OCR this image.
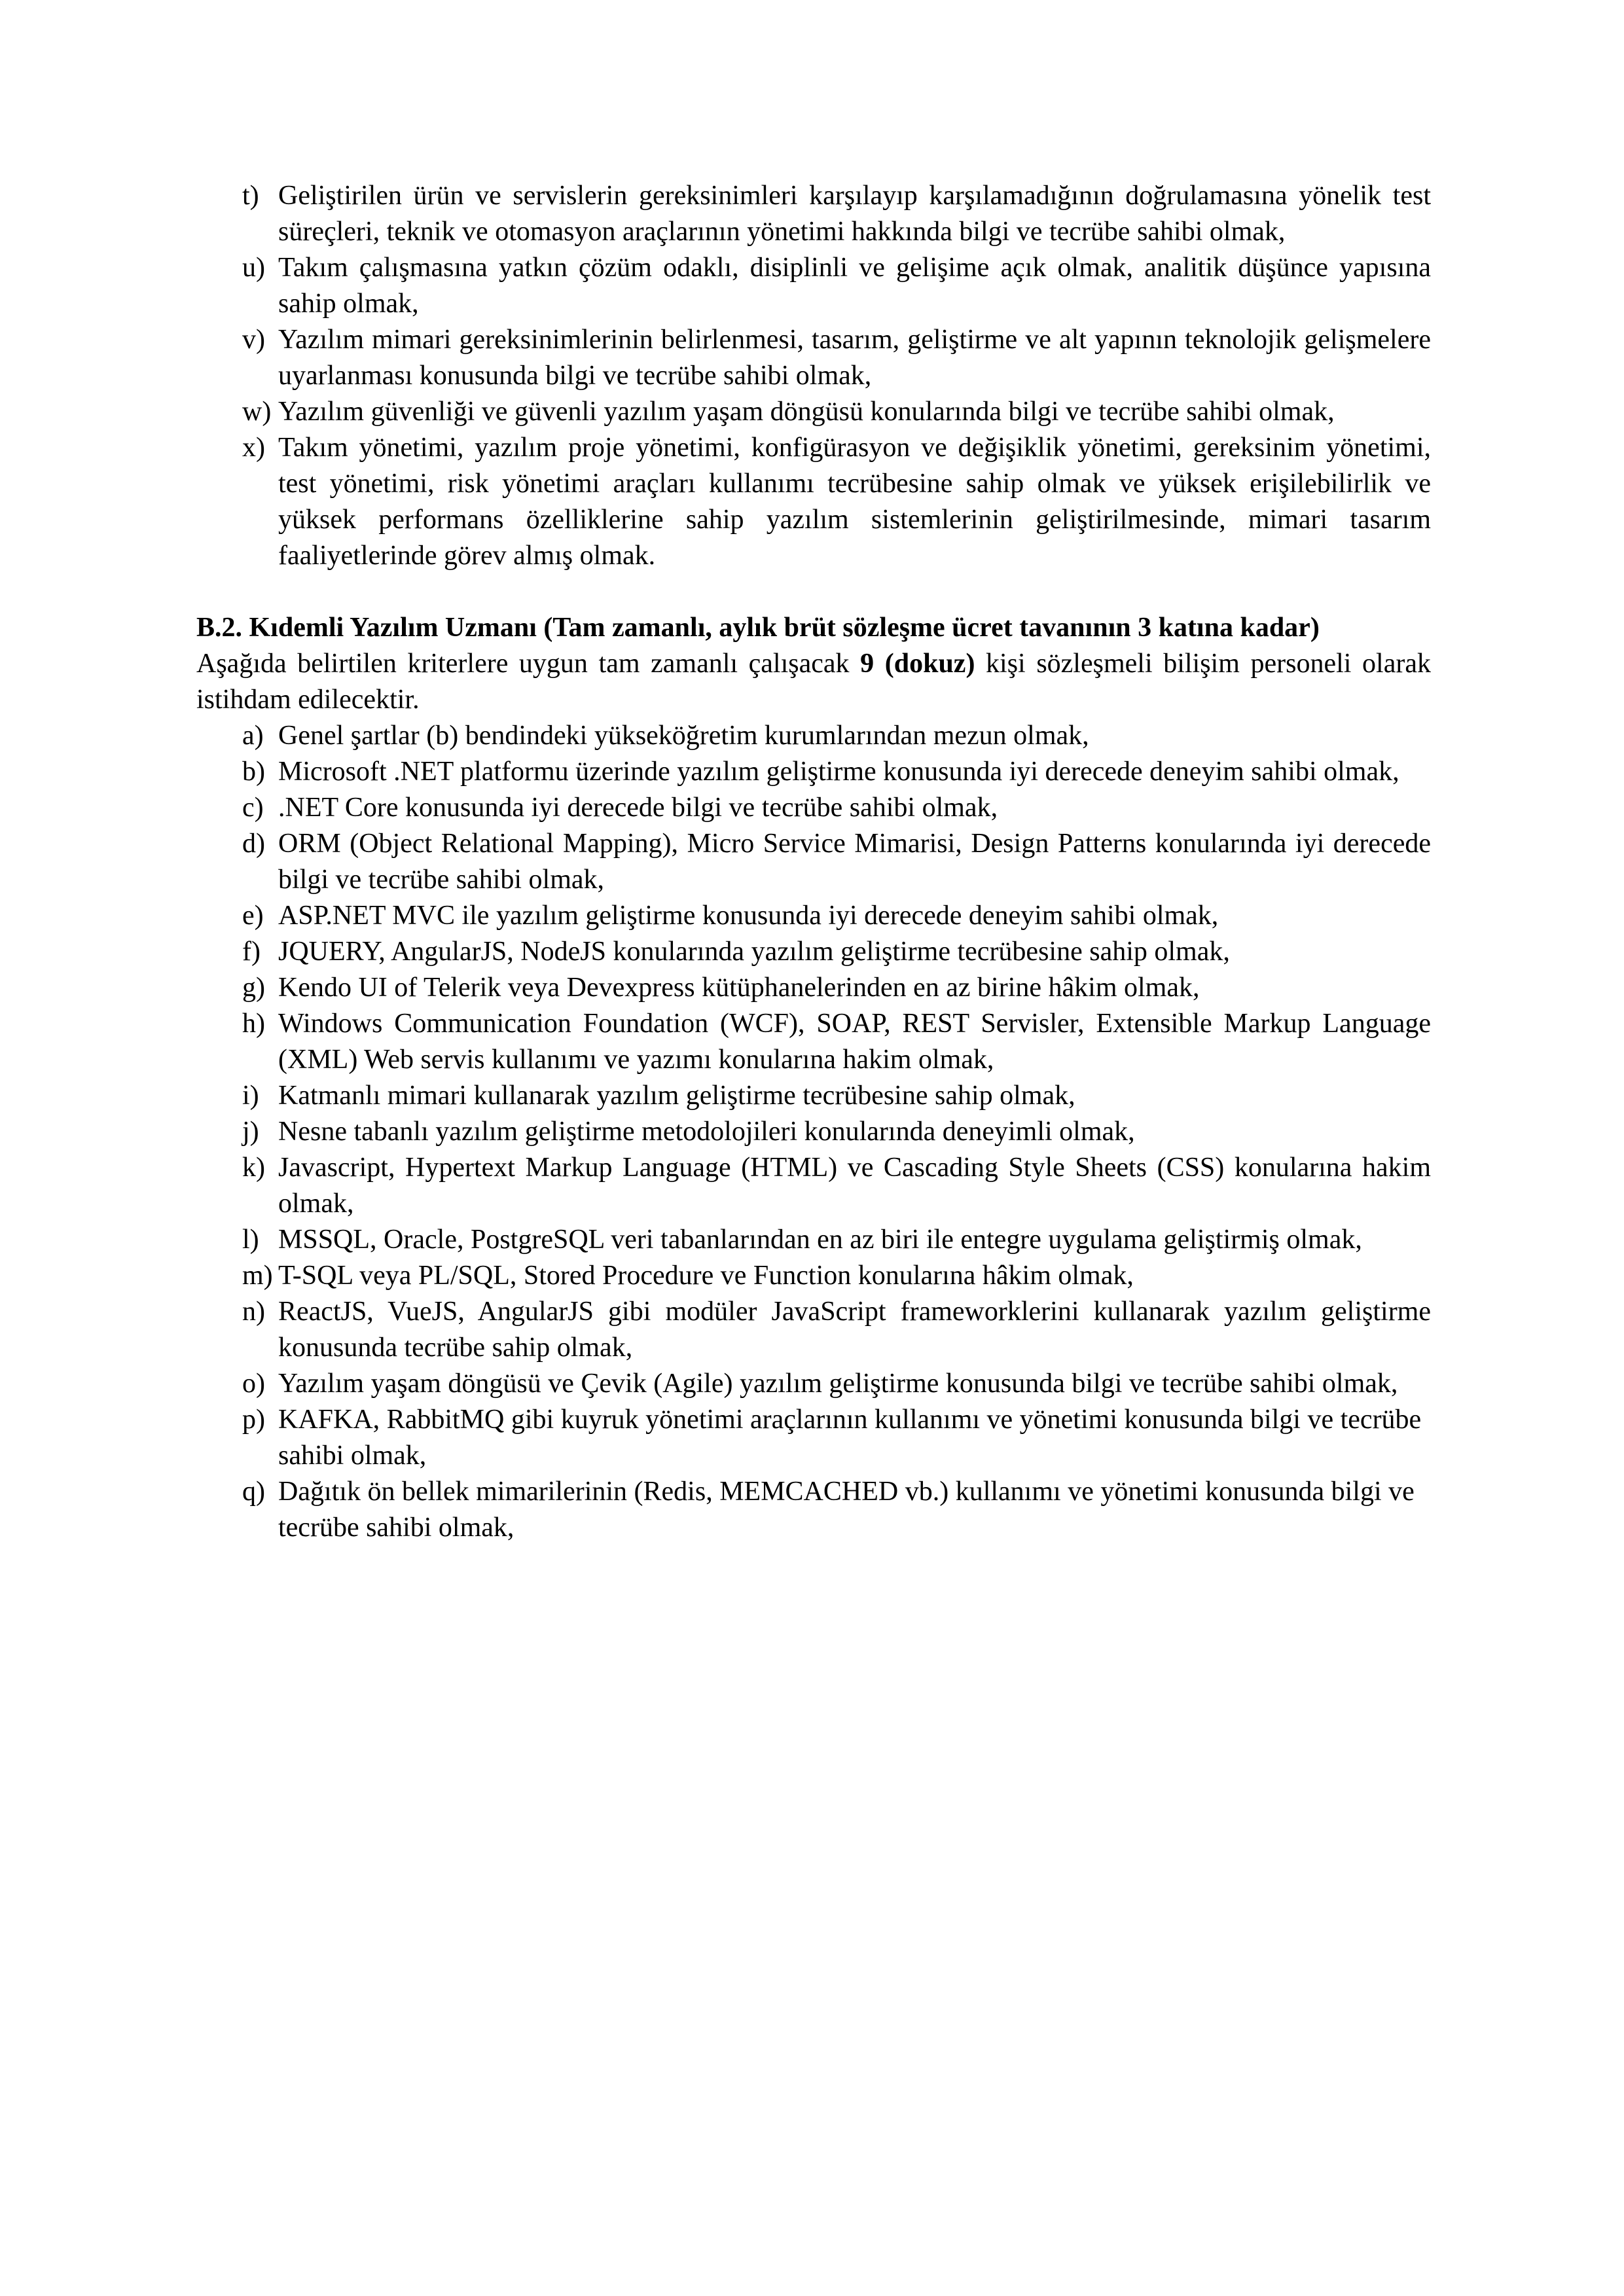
t) Geliştirilen ürün ve servislerin gereksinimleri karşılayıp karşılamadığının doğrulamasına yönelik test süreçleri, teknik ve otomasyon araçlarının yönetimi hakkında bilgi ve tecrübe sahibi olmak,
u) Takım çalışmasına yatkın çözüm odaklı, disiplinli ve gelişime açık olmak, analitik düşünce yapısına sahip olmak,
v) Yazılım mimari gereksinimlerinin belirlenmesi, tasarım, geliştirme ve alt yapının teknolojik gelişmelere uyarlanması konusunda bilgi ve tecrübe sahibi olmak,
w) Yazılım güvenliği ve güvenli yazılım yaşam döngüsü konularında bilgi ve tecrübe sahibi olmak,
x) Takım yönetimi, yazılım proje yönetimi, konfigürasyon ve değişiklik yönetimi, gereksinim yönetimi, test yönetimi, risk yönetimi araçları kullanımı tecrübesine sahip olmak ve yüksek erişilebilirlik ve yüksek performans özelliklerine sahip yazılım sistemlerinin geliştirilmesinde, mimari tasarım faaliyetlerinde görev almış olmak.

B.2. Kıdemli Yazılım Uzmanı (Tam zamanlı, aylık brüt sözleşme ücret tavanının 3 katına kadar)

Aşağıda belirtilen kriterlere uygun tam zamanlı çalışacak 9 (dokuz) kişi sözleşmeli bilişim personeli olarak istihdam edilecektir.

a) Genel şartlar (b) bendindeki yükseköğretim kurumlarından mezun olmak,
b) Microsoft .NET platformu üzerinde yazılım geliştirme konusunda iyi derecede deneyim sahibi olmak,
c) .NET Core konusunda iyi derecede bilgi ve tecrübe sahibi olmak,
d) ORM (Object Relational Mapping), Micro Service Mimarisi, Design Patterns konularında iyi derecede bilgi ve tecrübe sahibi olmak,
e) ASP.NET MVC ile yazılım geliştirme konusunda iyi derecede deneyim sahibi olmak,
f) JQUERY, AngularJS, NodeJS konularında yazılım geliştirme tecrübesine sahip olmak,
g) Kendo UI of Telerik veya Devexpress kütüphanelerinden en az birine hâkim olmak,
h) Windows Communication Foundation (WCF), SOAP, REST Servisler, Extensible Markup Language (XML) Web servis kullanımı ve yazımı konularına hakim olmak,
i) Katmanlı mimari kullanarak yazılım geliştirme tecrübesine sahip olmak,
j) Nesne tabanlı yazılım geliştirme metodolojileri konularında deneyimli olmak,
k) Javascript, Hypertext Markup Language (HTML) ve Cascading Style Sheets (CSS) konularına hakim olmak,
l) MSSQL, Oracle, PostgreSQL veri tabanlarından en az biri ile entegre uygulama geliştirmiş olmak,
m) T-SQL veya PL/SQL, Stored Procedure ve Function konularına hâkim olmak,
n) ReactJS, VueJS, AngularJS gibi modüler JavaScript frameworklerini kullanarak yazılım geliştirme konusunda tecrübe sahip olmak,
o) Yazılım yaşam döngüsü ve Çevik (Agile) yazılım geliştirme konusunda bilgi ve tecrübe sahibi olmak,
p) KAFKA, RabbitMQ gibi kuyruk yönetimi araçlarının kullanımı ve yönetimi konusunda bilgi ve tecrübe sahibi olmak,
q) Dağıtık ön bellek mimarilerinin (Redis, MEMCACHED vb.) kullanımı ve yönetimi konusunda bilgi ve tecrübe sahibi olmak,
